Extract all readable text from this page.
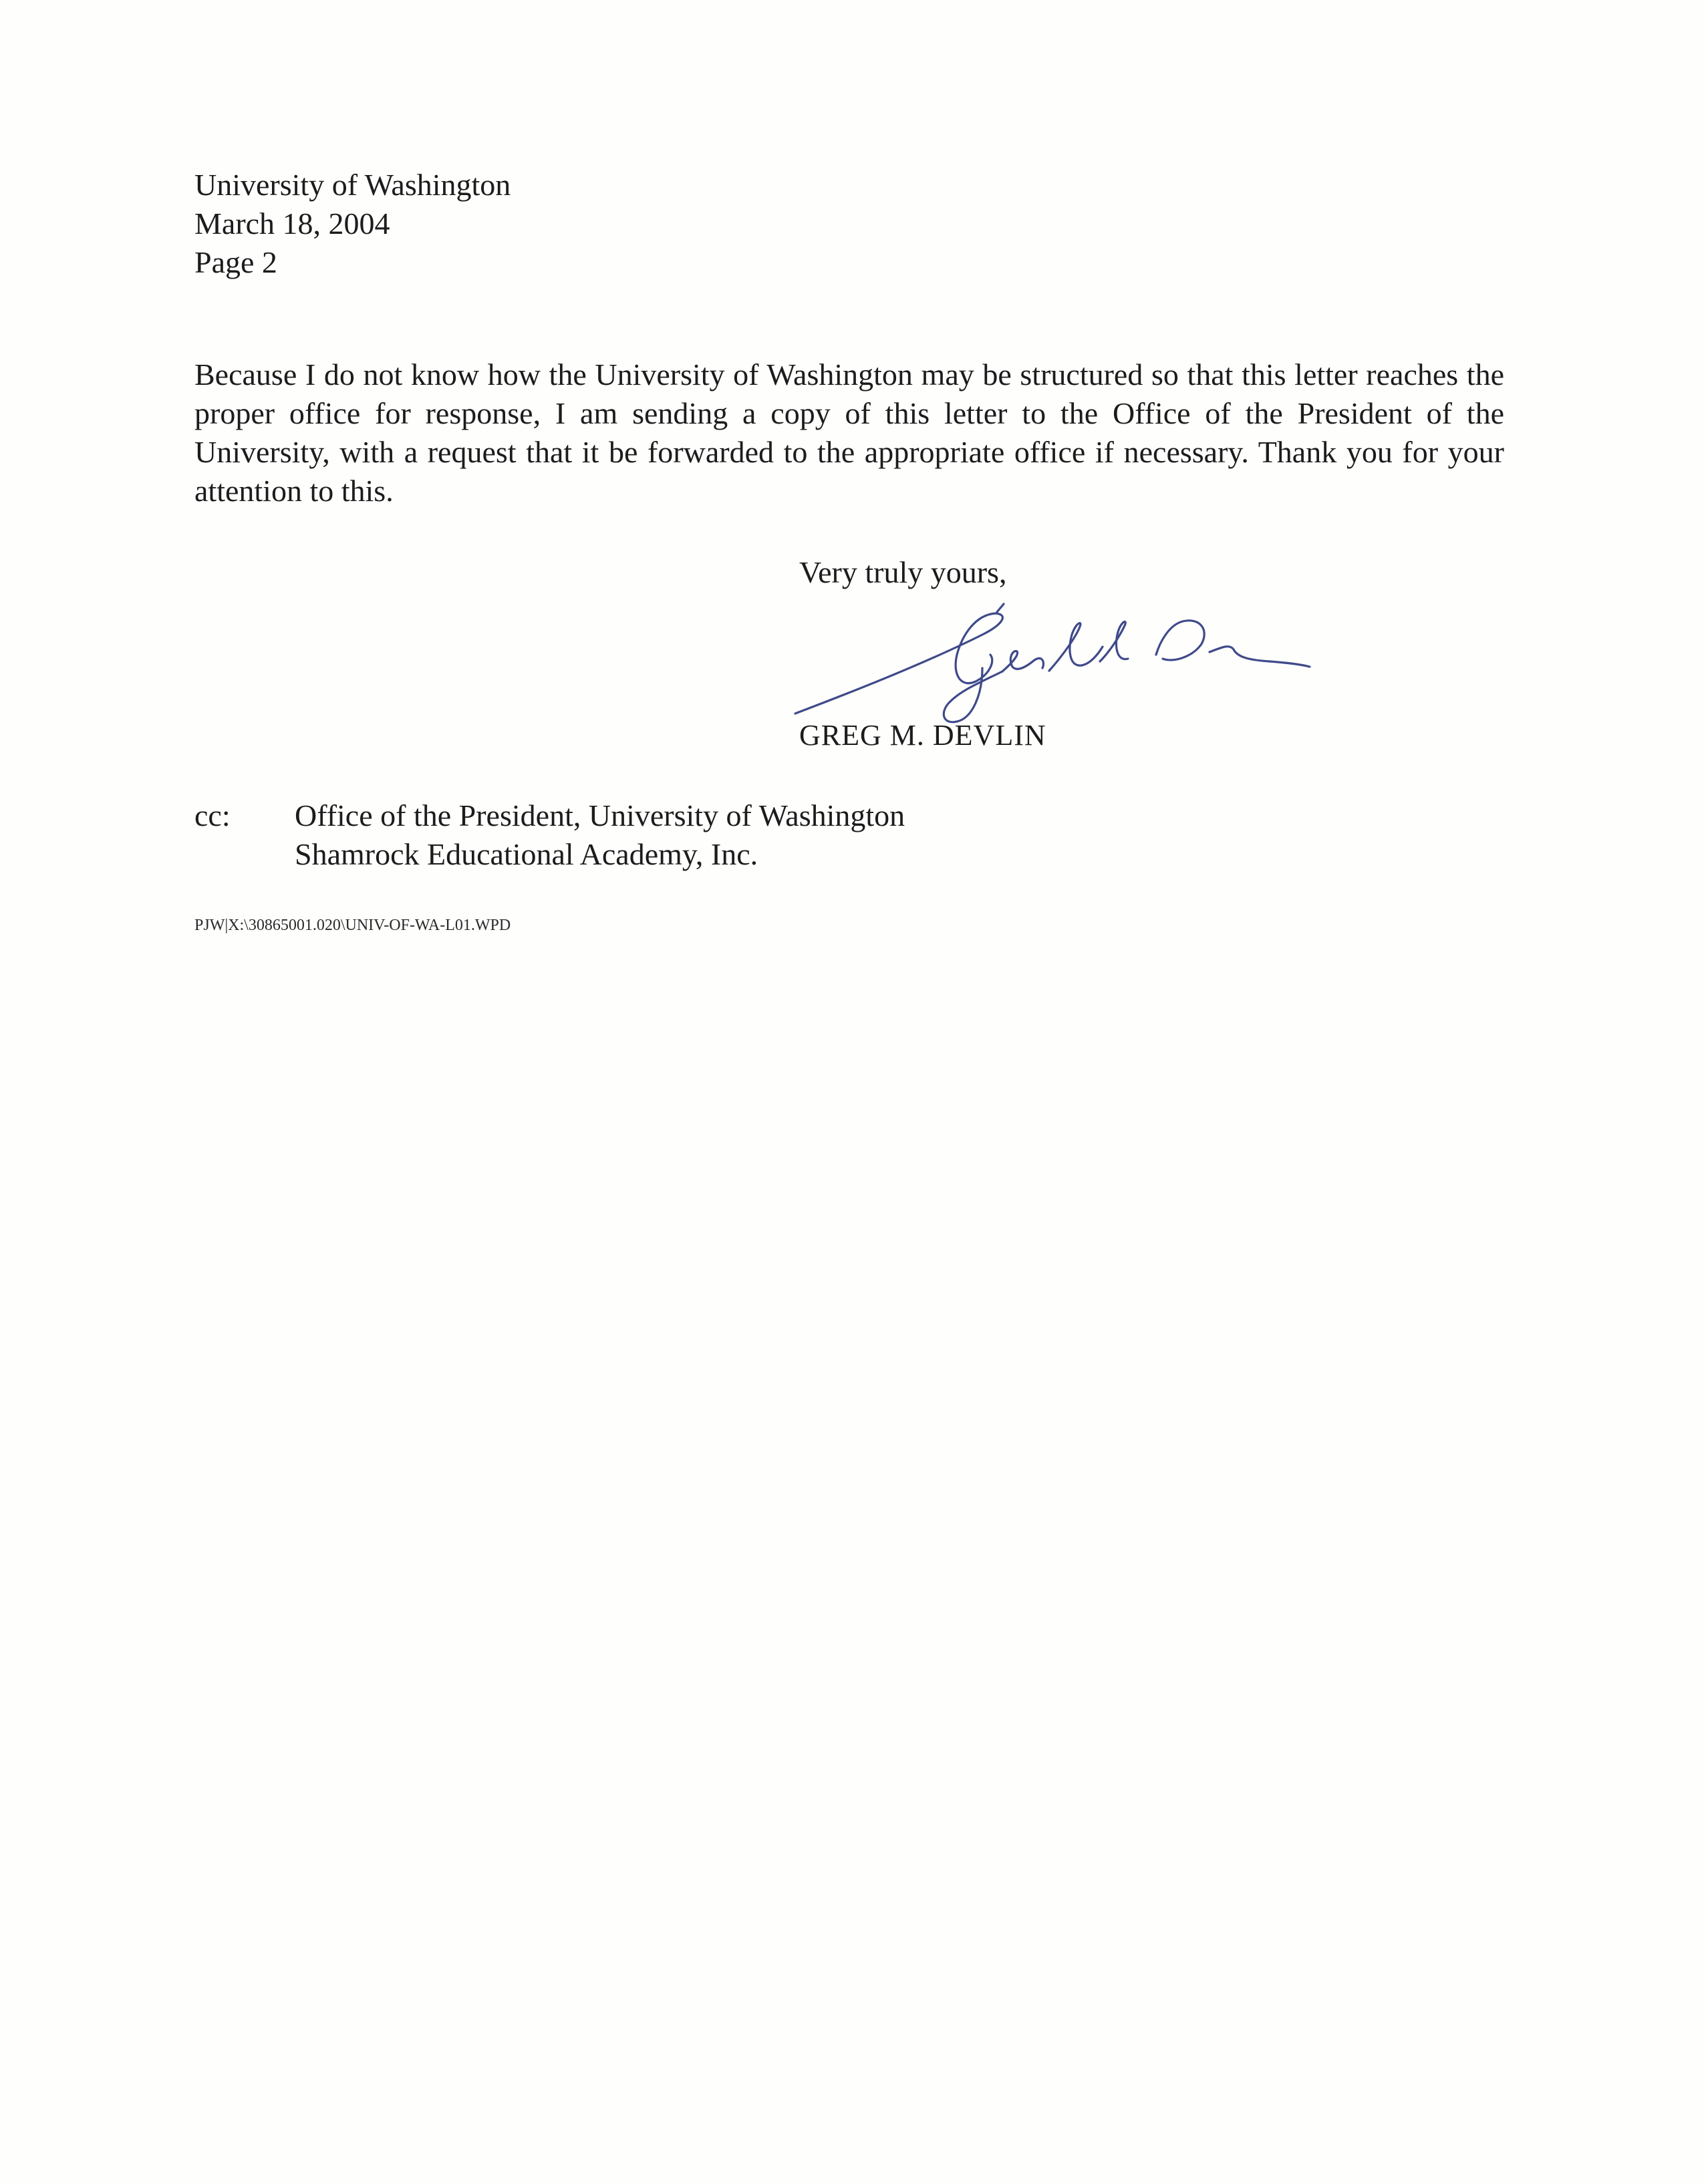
University of Washington
March 18, 2004
Page 2
Because I do not know how the University of Washington may be structured so that this letter reaches the proper office for response, I am sending a copy of this letter to the Office of the President of the University, with a request that it be forwarded to the appropriate office if necessary. Thank you for your attention to this.
Very truly yours,
GREG M. DEVLIN
cc: Office of the President, University of Washington
Shamrock Educational Academy, Inc.
PJW|X:\30865001.020\UNIV-OF-WA-L01.WPD
